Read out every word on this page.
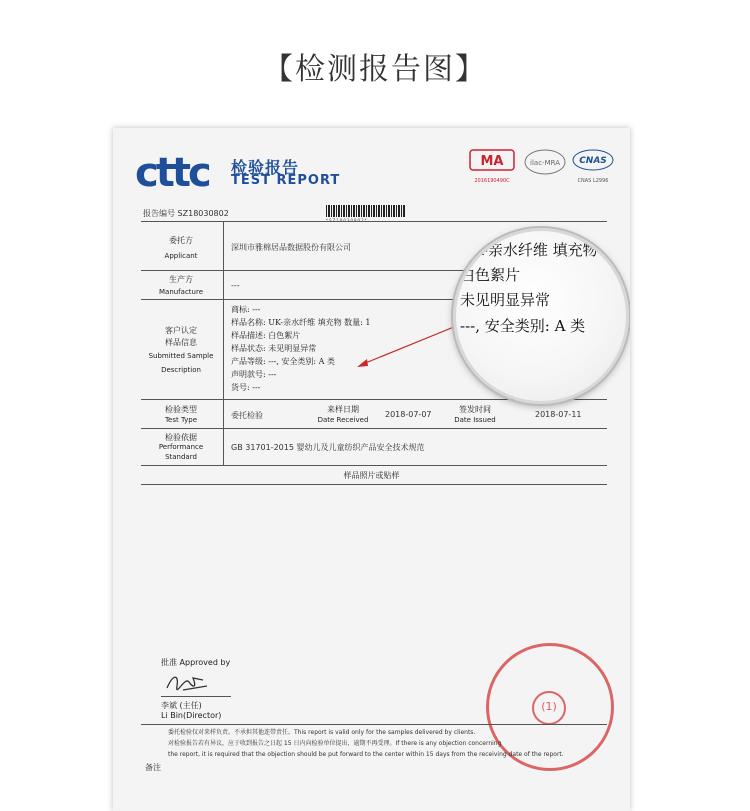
【检测报告图】
cttc 检验报告
TEST REPORT
MA
2016190490C
ilac-MRA CNAS
CNAS L2996
报告编号 SZ18030802
委托方
Applicant
深圳市雅棉居品数据股份有限公司
生产方
Manufacture
---
客户认定
样品信息
Submitted Sample
Description
商标: ---
样品名称: UK-亲水纤维 填充物 数量: 1
样品描述: 白色絮片
样品状态: 未见明显异常
产品等级: ---, 安全类别: A 类
声明款号: ---
货号: ---
检验类型
Test Type	委托检验
来样日期
Date Received
2018-07-07
签发时间
Date Issued
2018-07-11
检验依据
Performance
Standard
GB 31701-2015 婴幼儿及儿童纺织产品安全技术规范
样品照片或贴样
UK-亲水纤维 填充物
白色絮片
未见明显异常
---, 安全类别: A 类
批准 Approved by
李斌 (主任)
Li Bin(Director)
(1)
委托检验仅对来样负责。不承担其他连带责任。This report is valid only for the samples delivered by clients.
对检验报告若有异议，应于收到报告之日起 15 日内向检验单位提出，逾期不再受理。If there is any objection concerning
the report, it is required that the objection should be put forward to the center within 15 days from the receiving date of the report.
备注
